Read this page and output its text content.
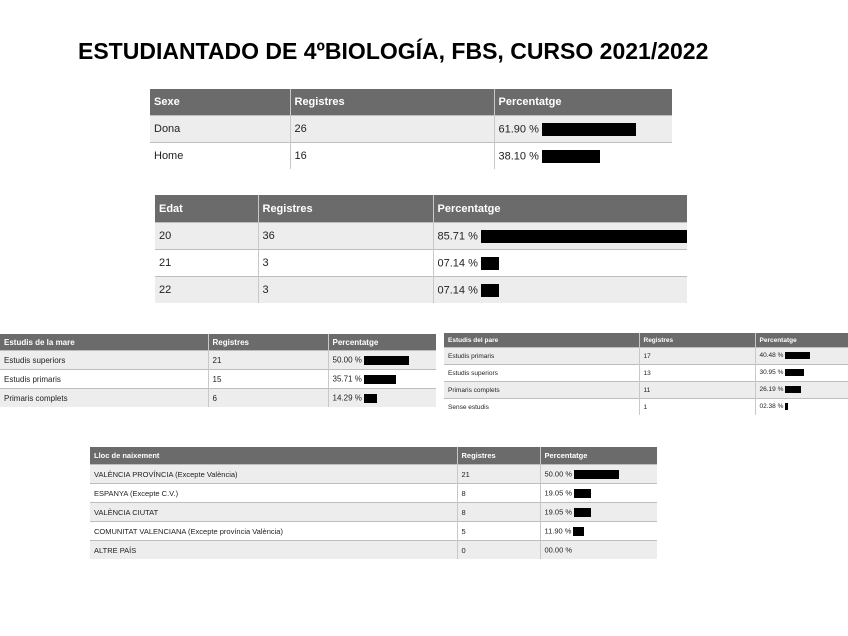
ESTUDIANTADO DE 4ºBIOLOGÍA, FBS, CURSO 2021/2022
Sexe	Registres	Percentatge
Dona	26	61.90 %
Home	16	38.10 %
Edat	Registres	Percentatge
20	36	85.71 %
21	3	07.14 %
22	3	07.14 %
Estudis de la mare	Registres	Percentatge
Estudis superiors	21	50.00 %
Estudis primaris	15	35.71 %
Primaris complets	6	14.29 %
Estudis del pare	Registres	Percentatge
Estudis primaris	17	40.48 %
Estudis superiors	13	30.95 %
Primaris complets	11	26.19 %
Sense estudis	1	02.38 %
Lloc de naixement	Registres	Percentatge
VALÈNCIA PROVÍNCIA (Excepte València)	21	50.00 %
ESPANYA (Excepte C.V.)	8	19.05 %
VALÈNCIA CIUTAT	8	19.05 %
COMUNITAT VALENCIANA (Excepte província València)	5	11.90 %
ALTRE PAÍS	0	00.00 %
